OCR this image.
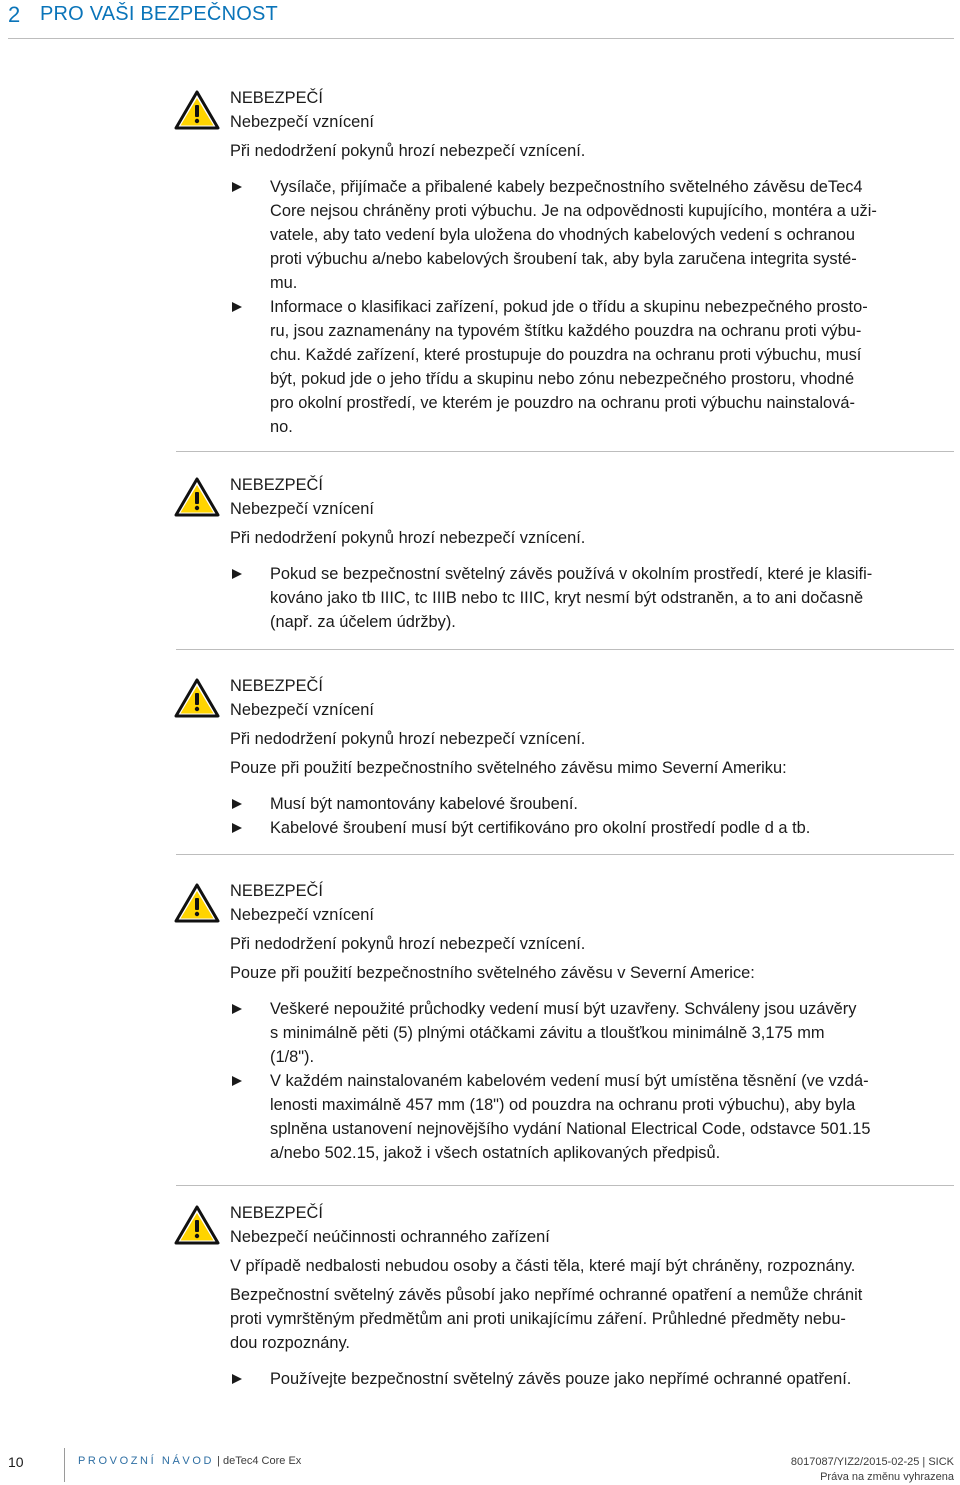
2 PRO VAŠI BEZPEČNOST
NEBEZPEČÍ
Nebezpečí vznícení
Při nedodržení pokynů hrozí nebezpečí vznícení.
Vysílače, přijímače a přibalené kabely bezpečnostního světelného závěsu deTec4
Core nejsou chráněny proti výbuchu. Je na odpovědnosti kupujícího, montéra a uži-
vatele, aby tato vedení byla uložena do vhodných kabelových vedení s ochranou
proti výbuchu a/nebo kabelových šroubení tak, aby byla zaručena integrita systé-
mu.
Informace o klasifikaci zařízení, pokud jde o třídu a skupinu nebezpečného prosto-
ru, jsou zaznamenány na typovém štítku každého pouzdra na ochranu proti výbu-
chu. Každé zařízení, které prostupuje do pouzdra na ochranu proti výbuchu, musí
být, pokud jde o jeho třídu a skupinu nebo zónu nebezpečného prostoru, vhodné
pro okolní prostředí, ve kterém je pouzdro na ochranu proti výbuchu nainstalová-
no.
NEBEZPEČÍ
Nebezpečí vznícení
Při nedodržení pokynů hrozí nebezpečí vznícení.
Pokud se bezpečnostní světelný závěs používá v okolním prostředí, které je klasifi-
kováno jako tb IIIC, tc IIIB nebo tc IIIC, kryt nesmí být odstraněn, a to ani dočasně
(např. za účelem údržby).
NEBEZPEČÍ
Nebezpečí vznícení
Při nedodržení pokynů hrozí nebezpečí vznícení.
Pouze při použití bezpečnostního světelného závěsu mimo Severní Ameriku:
Musí být namontovány kabelové šroubení.
Kabelové šroubení musí být certifikováno pro okolní prostředí podle d a tb.
NEBEZPEČÍ
Nebezpečí vznícení
Při nedodržení pokynů hrozí nebezpečí vznícení.
Pouze při použití bezpečnostního světelného závěsu v Severní Americe:
Veškeré nepoužité průchodky vedení musí být uzavřeny. Schváleny jsou uzávěry
s minimálně pěti (5) plnými otáčkami závitu a tloušťkou minimálně 3,175 mm
(1/8").
V každém nainstalovaném kabelovém vedení musí být umístěna těsnění (ve vzdá-
lenosti maximálně 457 mm (18") od pouzdra na ochranu proti výbuchu), aby byla
splněna ustanovení nejnovějšího vydání National Electrical Code, odstavce 501.15
a/nebo 502.15, jakož i všech ostatních aplikovaných předpisů.
NEBEZPEČÍ
Nebezpečí neúčinnosti ochranného zařízení
V případě nedbalosti nebudou osoby a části těla, které mají být chráněny, rozpoznány.
Bezpečnostní světelný závěs působí jako nepřímé ochranné opatření a nemůže chránit
proti vymrštěným předmětům ani proti unikajícímu záření. Průhledné předměty nebu-
dou rozpoznány.
Používejte bezpečnostní světelný závěs pouze jako nepřímé ochranné opatření.
10	PROVOZNÍ NÁVOD | deTec4 Core Ex	8017087/YIZ2/2015-02-25 | SICK
Práva na změnu vyhrazena
